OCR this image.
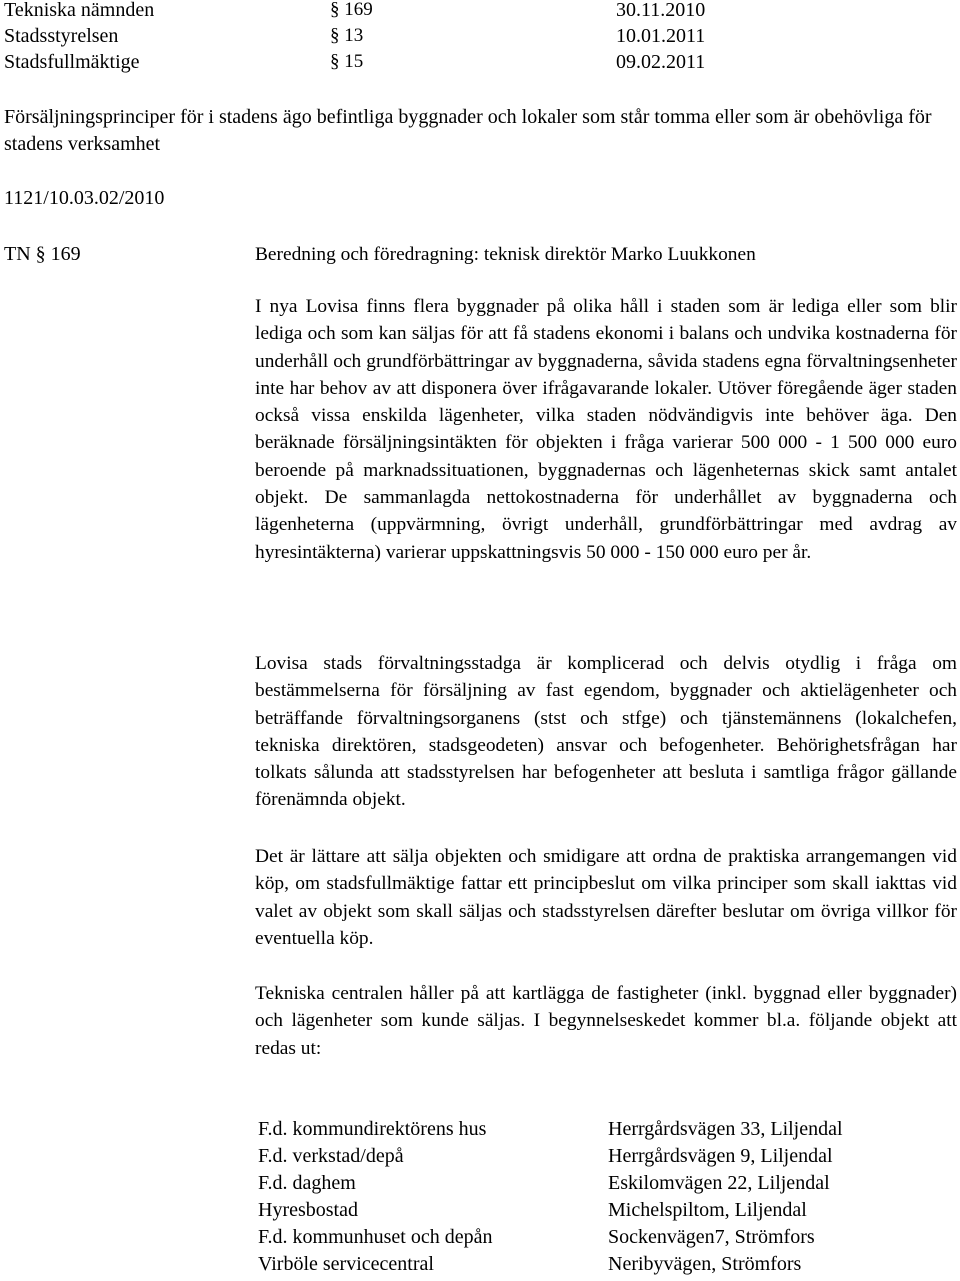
Tekniska nämnden	§ 169	30.11.2010
Stadsstyrelsen	§ 13	10.01.2011
Stadsfullmäktige	§ 15	09.02.2011
Försäljningsprinciper för i stadens ägo befintliga byggnader och lokaler som står tomma eller som är obehövliga för stadens verksamhet
1121/10.03.02/2010
TN § 169	Beredning och föredragning: teknisk direktör Marko Luukkonen

I nya Lovisa finns flera byggnader på olika håll i staden som är lediga eller som blir lediga och som kan säljas för att få stadens ekonomi i balans och undvika kostnaderna för underhåll och grundförbättringar av byggnaderna, såvida stadens egna förvaltningsenheter inte har behov av att disponera över ifrågavarande lokaler. Utöver föregående äger staden också vissa enskilda lägenheter, vilka staden nödvändigvis inte behöver äga. Den beräknade försäljningsintäkten för objekten i fråga varierar 500 000 - 1 500 000 euro beroende på marknadssituationen, byggnadernas och lägenheternas skick samt antalet objekt. De sammanlagda nettokostnaderna för underhållet av byggnaderna och lägenheterna (uppvärmning, övrigt underhåll, grundförbättringar med avdrag av hyresintäkterna) varierar uppskattningsvis 50 000 - 150 000 euro per år.

Lovisa stads förvaltningsstadga är komplicerad och delvis otydlig i fråga om bestämmelserna för försäljning av fast egendom, byggnader och aktielägenheter och beträffande förvaltningsorganens (stst och stfge) och tjänstemännens (lokalchefen, tekniska direktören, stadsgeodeten) ansvar och befogenheter. Behörighetsfrågan har tolkats sålunda att stadsstyrelsen har befogenheter att besluta i samtliga frågor gällande förenämnda objekt.

Det är lättare att sälja objekten och smidigare att ordna de praktiska arrangemangen vid köp, om stadsfullmäktige fattar ett principbeslut om vilka principer som skall iakttas vid valet av objekt som skall säljas och stadsstyrelsen därefter beslutar om övriga villkor för eventuella köp.

Tekniska centralen håller på att kartlägga de fastigheter (inkl. byggnad eller byggnader) och lägenheter som kunde säljas. I begynnelseskedet kommer bl.a. följande objekt att redas ut:

F.d. kommundirektörens hus	Herrgårdsvägen 33, Liljendal
F.d. verkstad/depå	Herrgårdsvägen 9, Liljendal
F.d. daghem	Eskilomvägen 22, Liljendal
Hyresbostad	Michelspiltom, Liljendal
F.d. kommunhuset och depån	Sockenvägen7, Strömfors
Virböle servicecentral	Neribyvägen, Strömfors
